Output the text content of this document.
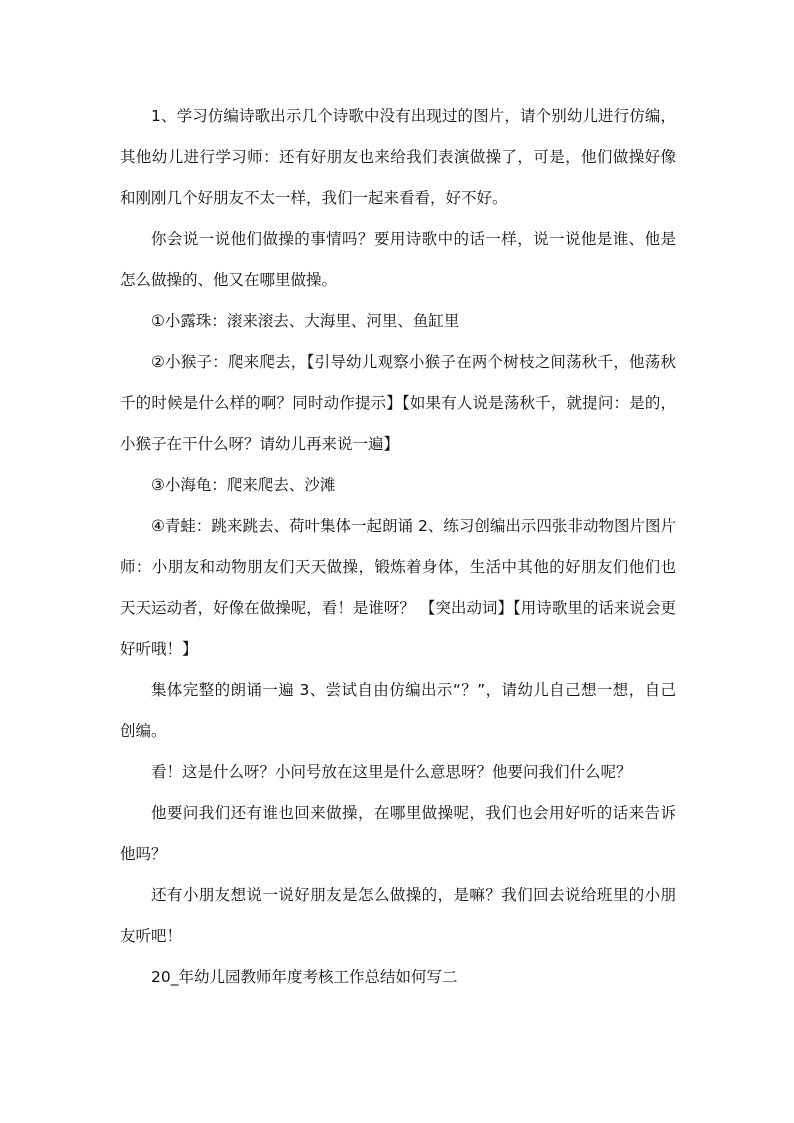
1、学习仿编诗歌出示几个诗歌中没有出现过的图片，请个别幼儿进行仿编，其他幼儿进行学习师：还有好朋友也来给我们表演做操了，可是，他们做操好像和刚刚几个好朋友不太一样，我们一起来看看，好不好。

你会说一说他们做操的事情吗？要用诗歌中的话一样，说一说他是谁、他是怎么做操的、他又在哪里做操。

①小露珠：滚来滚去、大海里、河里、鱼缸里

②小猴子：爬来爬去，【引导幼儿观察小猴子在两个树枝之间荡秋千，他荡秋千的时候是什么样的啊？同时动作提示】【如果有人说是荡秋千，就提问：是的，小猴子在干什么呀？请幼儿再来说一遍】

③小海龟：爬来爬去、沙滩

④青蛙：跳来跳去、荷叶集体一起朗诵 2、练习创编出示四张非动物图片图片师：小朋友和动物朋友们天天做操，锻炼着身体，生活中其他的好朋友们他们也天天运动者，好像在做操呢，看！是谁呀？ 【突出动词】【用诗歌里的话来说会更好听哦！】

集体完整的朗诵一遍 3、尝试自由仿编出示“？”，请幼儿自己想一想，自己创编。

看！这是什么呀？小问号放在这里是什么意思呀？他要问我们什么呢？

他要问我们还有谁也回来做操，在哪里做操呢，我们也会用好听的话来告诉他吗？

还有小朋友想说一说好朋友是怎么做操的，是嘛？我们回去说给班里的小朋友听吧！

20_年幼儿园教师年度考核工作总结如何写二
